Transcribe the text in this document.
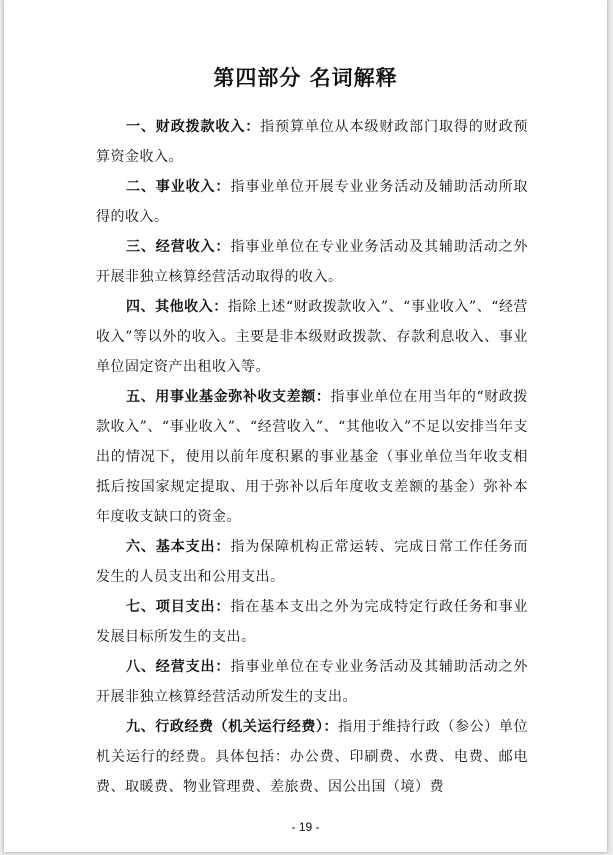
第四部分 名词解释

一、财政拨款收入：指预算单位从本级财政部门取得的财政预算资金收入。

二、事业收入：指事业单位开展专业业务活动及辅助活动所取得的收入。

三、经营收入：指事业单位在专业业务活动及其辅助活动之外开展非独立核算经营活动取得的收入。

四、其他收入：指除上述“财政拨款收入”、“事业收入”、“经营收入”等以外的收入。主要是非本级财政拨款、存款利息收入、事业单位固定资产出租收入等。

五、用事业基金弥补收支差额：指事业单位在用当年的“财政拨款收入”、“事业收入”、“经营收入”、“其他收入”不足以安排当年支出的情况下，使用以前年度积累的事业基金（事业单位当年收支相抵后按国家规定提取、用于弥补以后年度收支差额的基金）弥补本年度收支缺口的资金。

六、基本支出：指为保障机构正常运转、完成日常工作任务而发生的人员支出和公用支出。

七、项目支出：指在基本支出之外为完成特定行政任务和事业发展目标所发生的支出。

八、经营支出：指事业单位在专业业务活动及其辅助活动之外开展非独立核算经营活动所发生的支出。

九、行政经费（机关运行经费）：指用于维持行政（参公）单位机关运行的经费。具体包括：办公费、印刷费、水费、电费、邮电费、取暖费、物业管理费、差旅费、因公出国（境）费

- 19 -
